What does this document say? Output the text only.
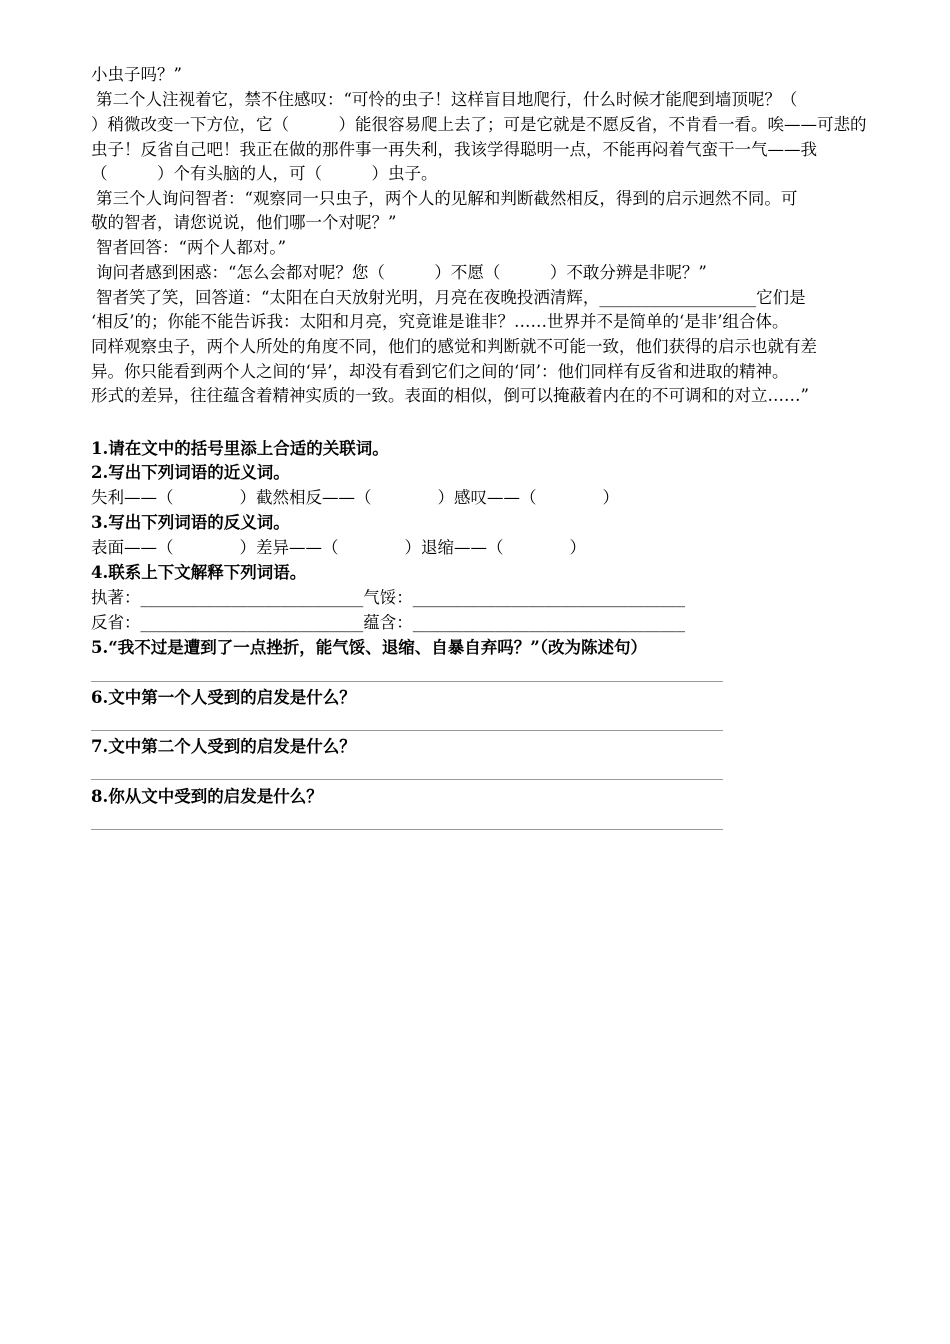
小虫子吗？”
第二个人注视着它，禁不住感叹：“可怜的虫子！这样盲目地爬行，什么时候才能爬到墙顶呢？（
）稍微改变一下方位，它（　　　）能很容易爬上去了；可是它就是不愿反省，不肯看一看。唉——可悲的
虫子！反省自己吧！我正在做的那件事一再失利，我该学得聪明一点，不能再闷着气蛮干一气——我
（　　　）个有头脑的人，可（　　　）虫子。
第三个人询问智者：“观察同一只虫子，两个人的见解和判断截然相反，得到的启示迥然不同。可
敬的智者，请您说说，他们哪一个对呢？”
智者回答：“两个人都对。”
询问者感到困惑：“怎么会都对呢？您（　　　）不愿（　　　）不敢分辨是非呢？”
智者笑了笑，回答道：“太阳在白天放射光明，月亮在夜晚投洒清辉，___________________它们是
‘相反’的；你能不能告诉我：太阳和月亮，究竟谁是谁非？……世界并不是简单的‘是非’组合体。
同样观察虫子，两个人所处的角度不同，他们的感觉和判断就不可能一致，他们获得的启示也就有差
异。你只能看到两个人之间的‘异’，却没有看到它们之间的‘同’：他们同样有反省和进取的精神。
形式的差异，往往蕴含着精神实质的一致。表面的相似，倒可以掩蔽着内在的不可调和的对立……”
1.请在文中的括号里添上合适的关联词。
2.写出下列词语的近义词。
失利——（　　　　）截然相反——（　　　　）感叹——（　　　　）
3.写出下列词语的反义词。
表面——（　　　　）差异——（　　　　）退缩——（　　　　）
4.联系上下文解释下列词语。
执著：___________________________气馁：_________________________________
反省：___________________________蕴含：_________________________________
5.“我不过是遭到了一点挫折，能气馁、退缩、自暴自弃吗？”（改为陈述句）
6.文中第一个人受到的启发是什么？
7.文中第二个人受到的启发是什么？
8.你从文中受到的启发是什么？
